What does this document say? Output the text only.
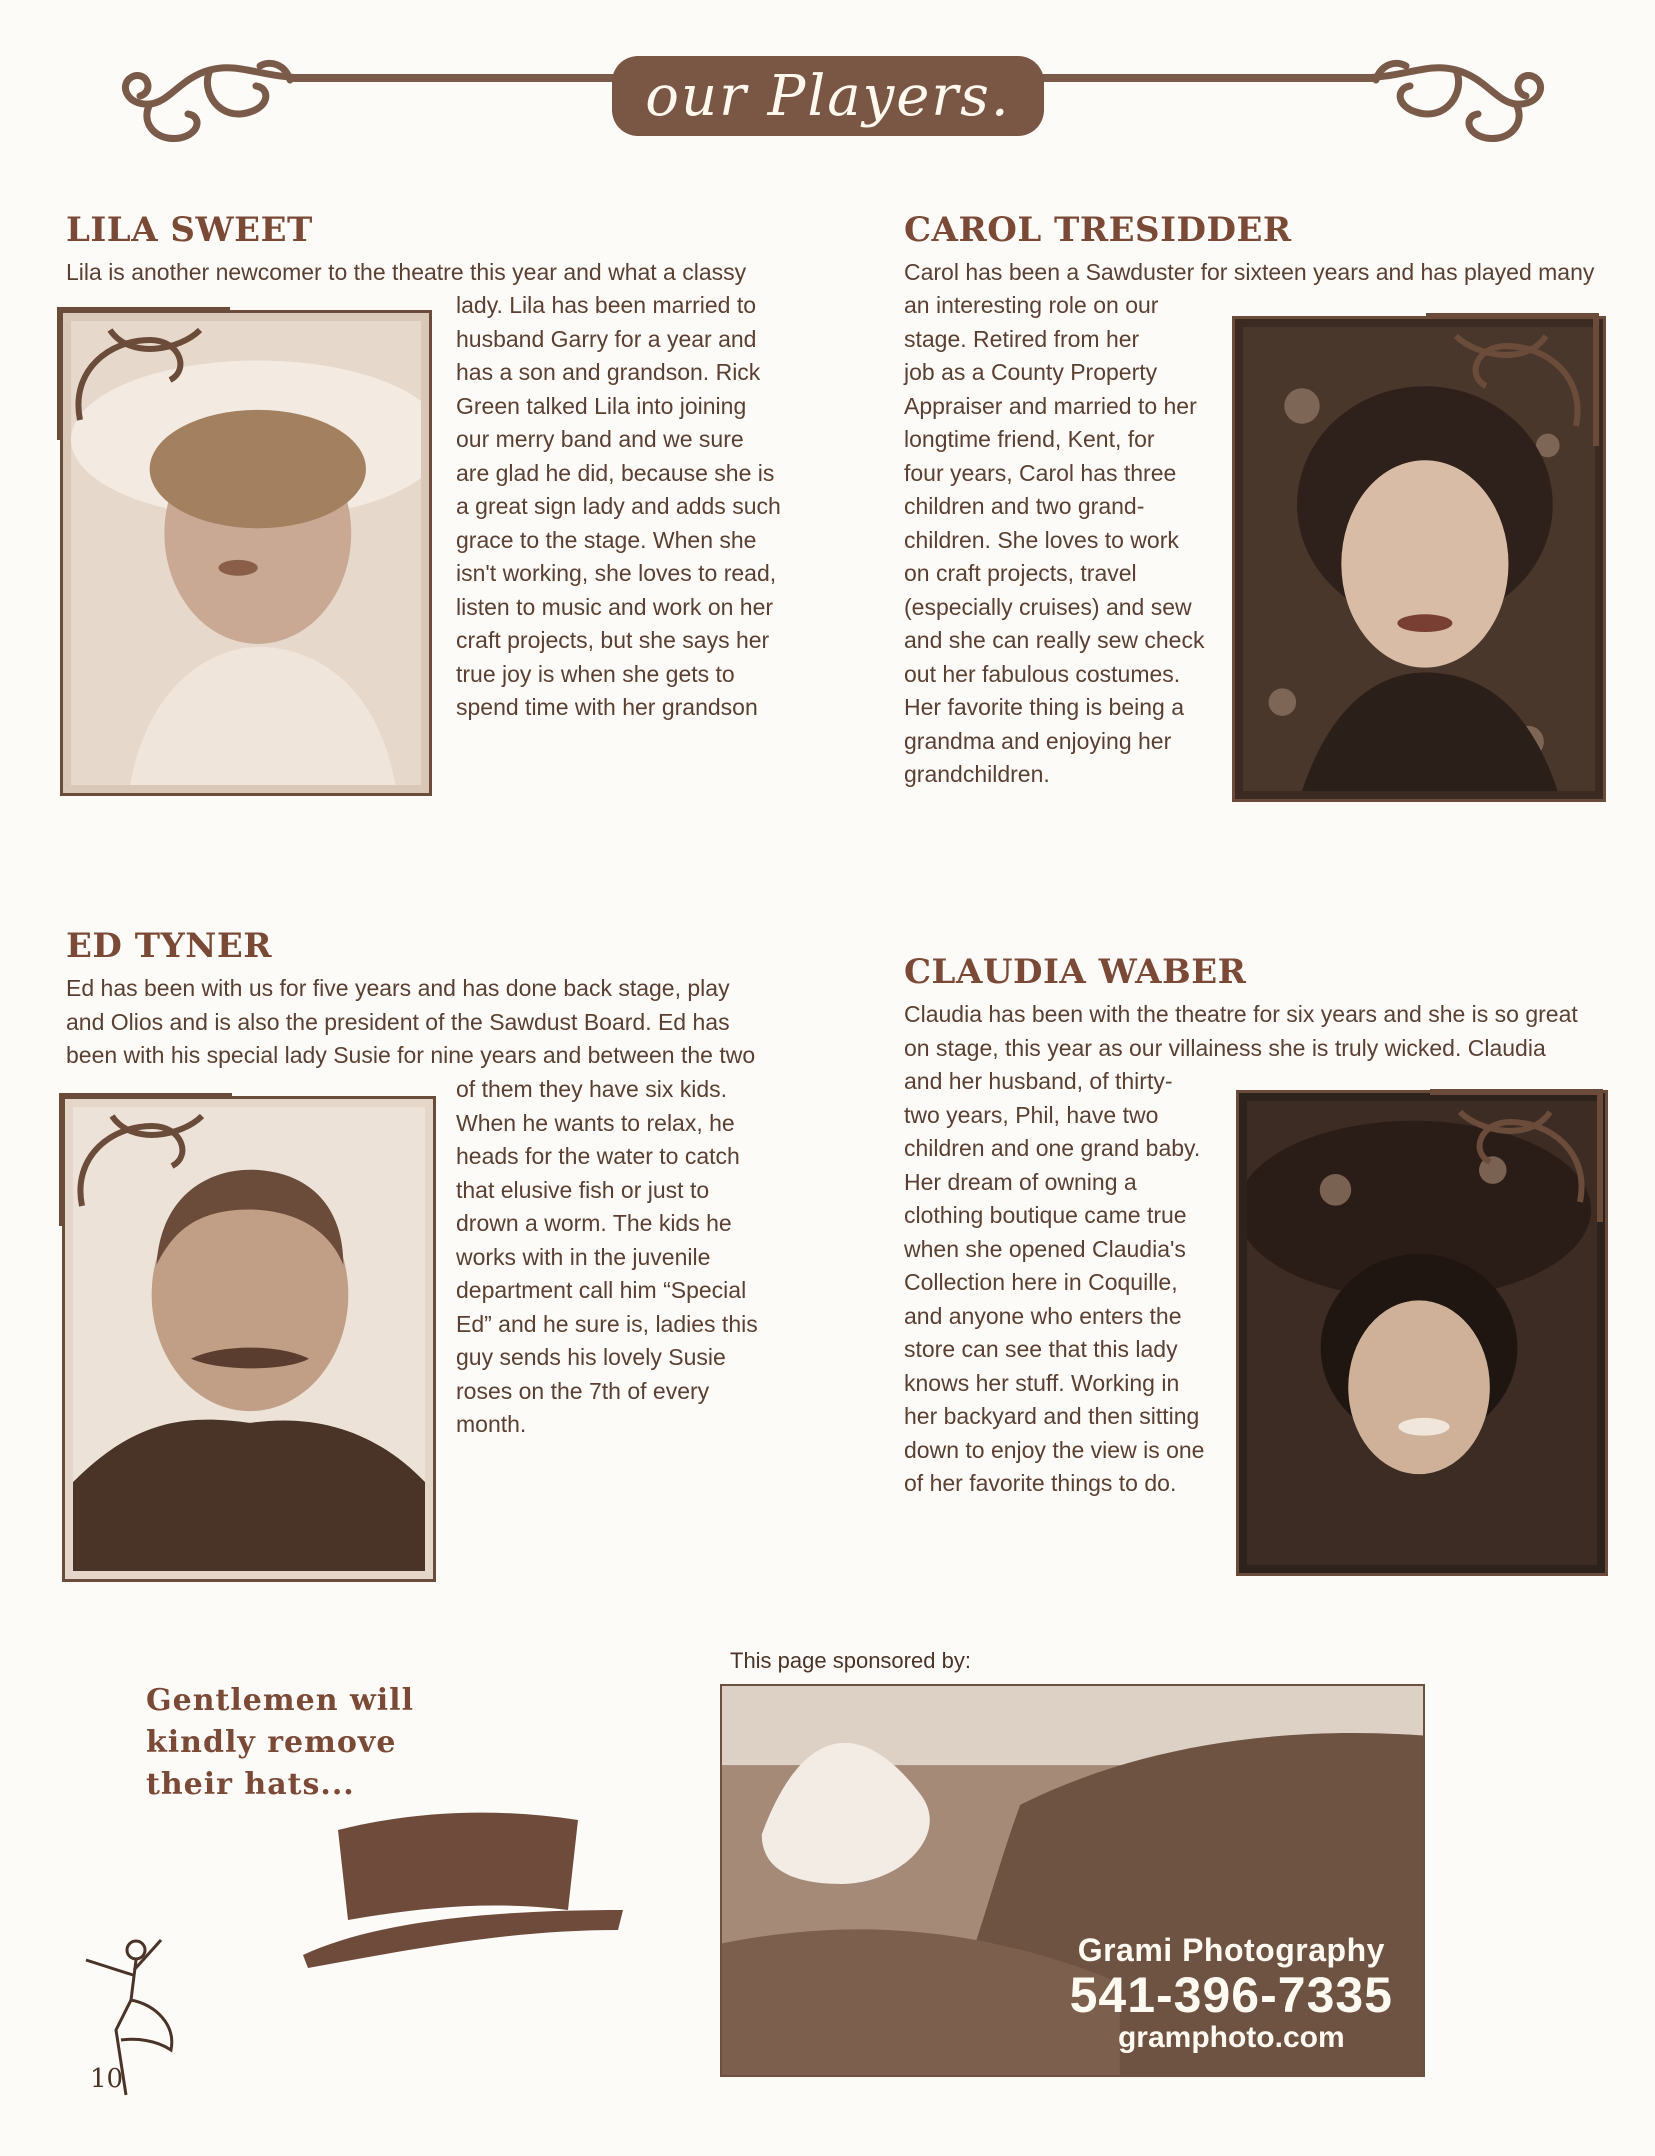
our Players.
LILA SWEET

Lila is another newcomer to the theatre this year and what a classy

lady. Lila has been married to
husband Garry for a year and
has a son and grandson. Rick
Green talked Lila into joining
our merry band and we sure
are glad he did, because she is
a great sign lady and adds such
grace to the stage. When she
isn't working, she loves to read,
listen to music and work on her
craft projects, but she says her
true joy is when she gets to
spend time with her grandson

CAROL TRESIDDER

Carol has been a Sawduster for sixteen years and has played many

an interesting role on our
stage. Retired from her
job as a County Property
Appraiser and married to her
longtime friend, Kent, for
four years, Carol has three
children and two grand-
children. She loves to work
on craft projects, travel
(especially cruises) and sew
and she can really sew check
out her fabulous costumes.
Her favorite thing is being a
grandma and enjoying her
grandchildren.

ED TYNER

Ed has been with us for five years and has done back stage, play
and Olios and is also the president of the Sawdust Board. Ed has
been with his special lady Susie for nine years and between the two

of them they have six kids.
When he wants to relax, he
heads for the water to catch
that elusive fish or just to
drown a worm. The kids he
works with in the juvenile
department call him “Special
Ed” and he sure is, ladies this
guy sends his lovely Susie
roses on the 7th of every
month.

CLAUDIA WABER

Claudia has been with the theatre for six years and she is so great
on stage, this year as our villainess she is truly wicked. Claudia

and her husband, of thirty-
two years, Phil, have two
children and one grand baby.
Her dream of owning a
clothing boutique came true
when she opened Claudia's
Collection here in Coquille,
and anyone who enters the
store can see that this lady
knows her stuff. Working in
her backyard and then sitting
down to enjoy the view is one
of her favorite things to do.

Gentlemen will
kindly remove
their hats...

This page sponsored by:
Grami Photography
541-396-7335
gramphoto.com
10
